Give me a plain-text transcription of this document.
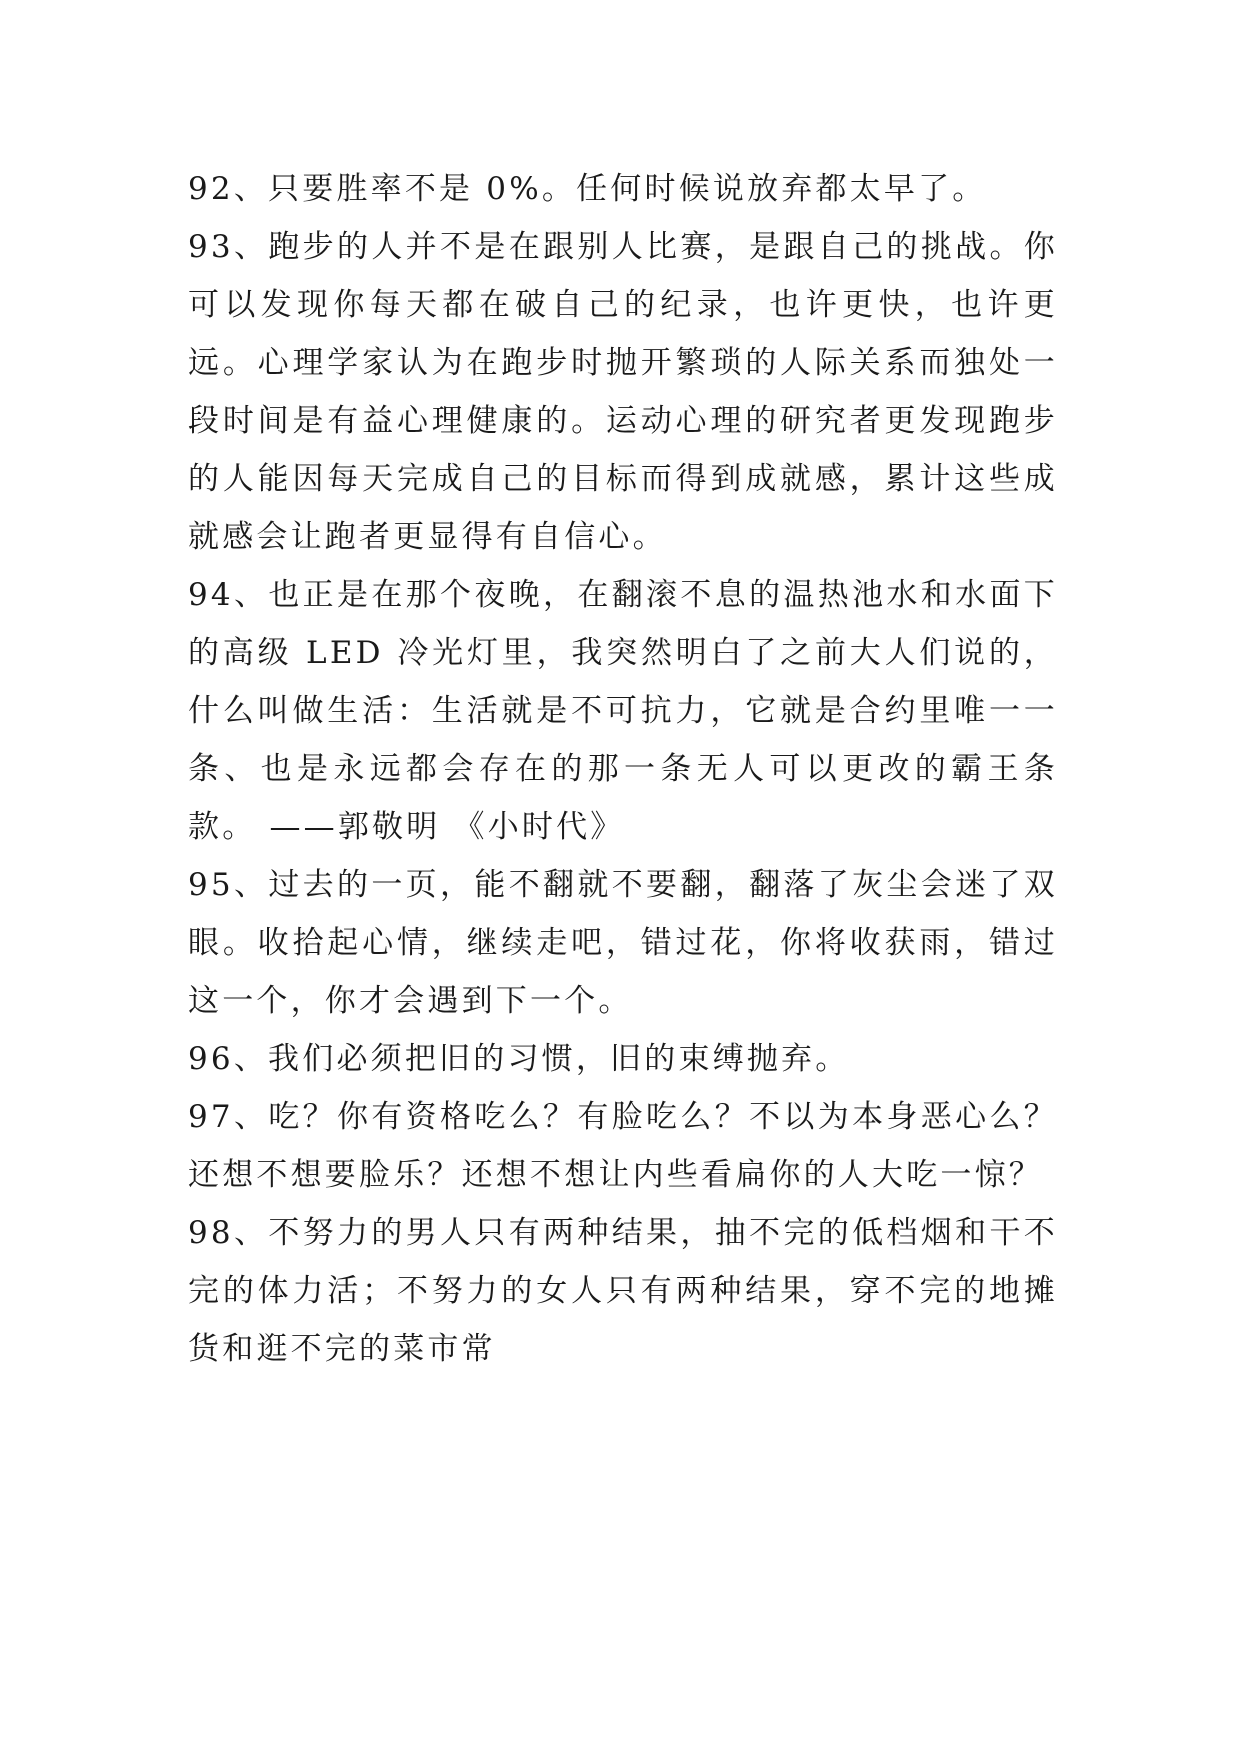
92、只要胜率不是 0%。任何时候说放弃都太早了。

93、跑步的人并不是在跟别人比赛，是跟自己的挑战。你可以发现你每天都在破自己的纪录，也许更快，也许更远。心理学家认为在跑步时抛开繁琐的人际关系而独处一段时间是有益心理健康的。运动心理的研究者更发现跑步的人能因每天完成自己的目标而得到成就感，累计这些成就感会让跑者更显得有自信心。

94、也正是在那个夜晚，在翻滚不息的温热池水和水面下的高级 LED 冷光灯里，我突然明白了之前大人们说的，什么叫做生活：生活就是不可抗力，它就是合约里唯一一条、也是永远都会存在的那一条无人可以更改的霸王条款。 ——郭敬明 《小时代》

95、过去的一页，能不翻就不要翻，翻落了灰尘会迷了双眼。收拾起心情，继续走吧，错过花，你将收获雨，错过这一个，你才会遇到下一个。

96、我们必须把旧的习惯，旧的束缚抛弃。

97、吃？你有资格吃么？有脸吃么？不以为本身恶心么？还想不想要脸乐？还想不想让内些看扁你的人大吃一惊？

98、不努力的男人只有两种结果，抽不完的低档烟和干不完的体力活；不努力的女人只有两种结果，穿不完的地摊货和逛不完的菜市常
